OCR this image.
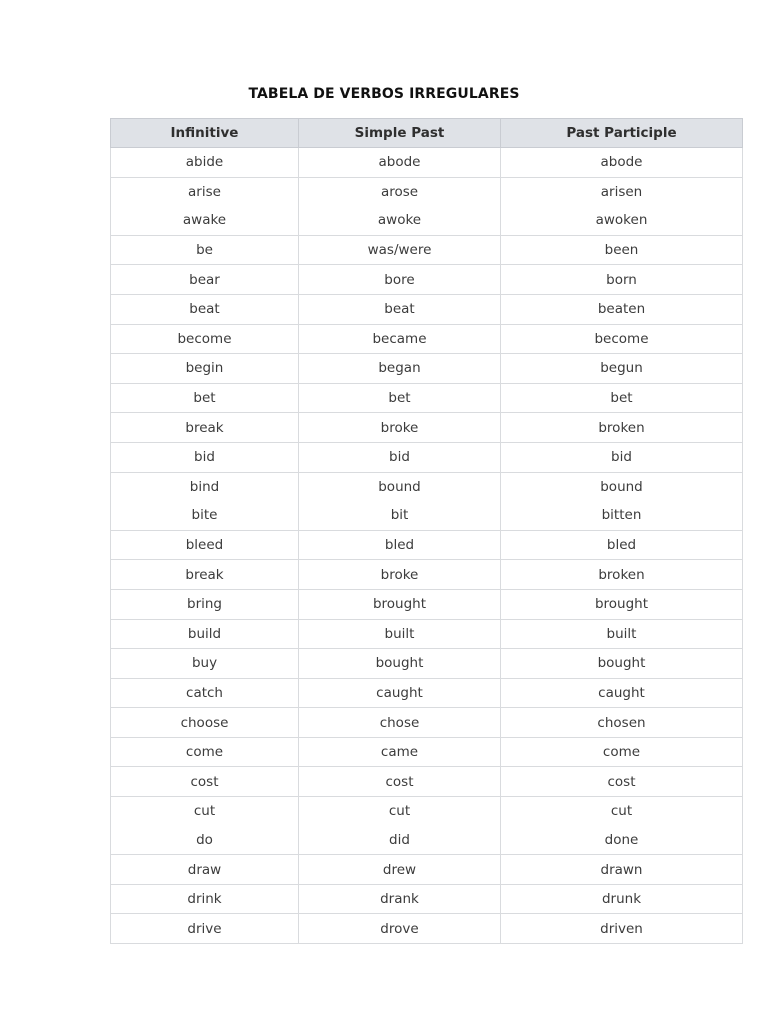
TABELA DE VERBOS IRREGULARES
Infinitive	Simple Past	Past Participle
abide	abode	abode
arise	arose	arisen
awake	awoke	awoken
be	was/were	been
bear	bore	born
beat	beat	beaten
become	became	become
begin	began	begun
bet	bet	bet
break	broke	broken
bid	bid	bid
bind	bound	bound
bite	bit	bitten
bleed	bled	bled
break	broke	broken
bring	brought	brought
build	built	built
buy	bought	bought
catch	caught	caught
choose	chose	chosen
come	came	come
cost	cost	cost
cut	cut	cut
do	did	done
draw	drew	drawn
drink	drank	drunk
drive	drove	driven
